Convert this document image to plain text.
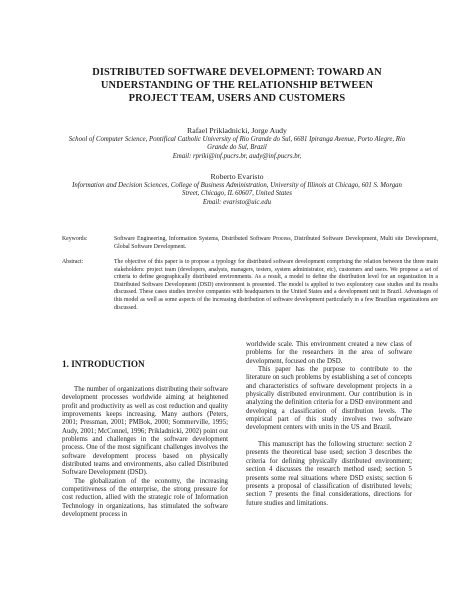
DISTRIBUTED SOFTWARE DEVELOPMENT: TOWARD AN
UNDERSTANDING OF THE RELATIONSHIP BETWEEN
PROJECT TEAM, USERS AND CUSTOMERS
Rafael Prikladnicki, Jorge Audy
School of Computer Science, Pontifical Catholic University of Rio Grande do Sul, 6681 Ipiranga Avenue, Porto Alegre, Rio
Grande do Sul, Brazil
Email: rpriki@inf.pucrs.br, audy@inf.pucrs.br,
Roberto Evaristo
Information and Decision Sciences, College of Business Administration, University of Illinois at Chicago, 601 S. Morgan
Street, Chicago, IL 60607, United States
Email: evaristo@uic.edu
Keywords:	Software Engineering, Information Systems, Distributed Software Process, Distributed Software Development, Multi site Development, Global Software Development.
Abstract:	The objective of this paper is to propose a typology for distributed software development comprising the relation between the three main stakeholders: project team (developers, analysts, managers, testers, system administrator, etc), customers and users. We propose a set of criteria to define geographically distributed environments. As a result, a model to define the distribution level for an organization in a Distributed Software Development (DSD) environment is presented. The model is applied to two exploratory case studies and its results discussed. These cases studies involve companies with headquarters in the United States and a development unit in Brazil. Advantages of this model as well as some aspects of the increasing distribution of software development particularly in a few Brazilian organizations are discussed.

1. INTRODUCTION

The number of organizations distributing their software development processes worldwide aiming at heightened profit and productivity as well as cost reduction and quality improvements keeps increasing. Many authors (Peters, 2001; Pressman, 2001; PMBok, 2000; Sommerville, 1995; Audy, 2001; McConnel, 1996; Prikladnicki, 2002) point out problems and challenges in the software development process. One of the most significant challenges involves the software development process based on physically distributed teams and environments, also called Distributed Software Development (DSD).

The globalization of the economy, the increasing competitiveness of the enterprise, the strong pressure for cost reduction, allied with the strategic role of Information Technology in organizations, has stimulated the software development process in

worldwide scale. This environment created a new class of problems for the researchers in the area of software development, focused on the DSD.

This paper has the purpose to contribute to the literature on such problems by establishing a set of concepts and characteristics of software development projects in a physically distributed environment. Our contribution is in analyzing the definition criteria for a DSD environment and developing a classification of distribution levels. The empirical part of this study involves two software development centers with units in the US and Brazil.

This manuscript has the following structure: section 2 presents the theoretical base used; section 3 describes the criteria for defining physically distributed environment; section 4 discusses the research method used; section 5 presents some real situations where DSD exists; section 6 presents a proposal of classification of distributed levels; section 7 presents the final considerations, directions for future studies and limitations.
